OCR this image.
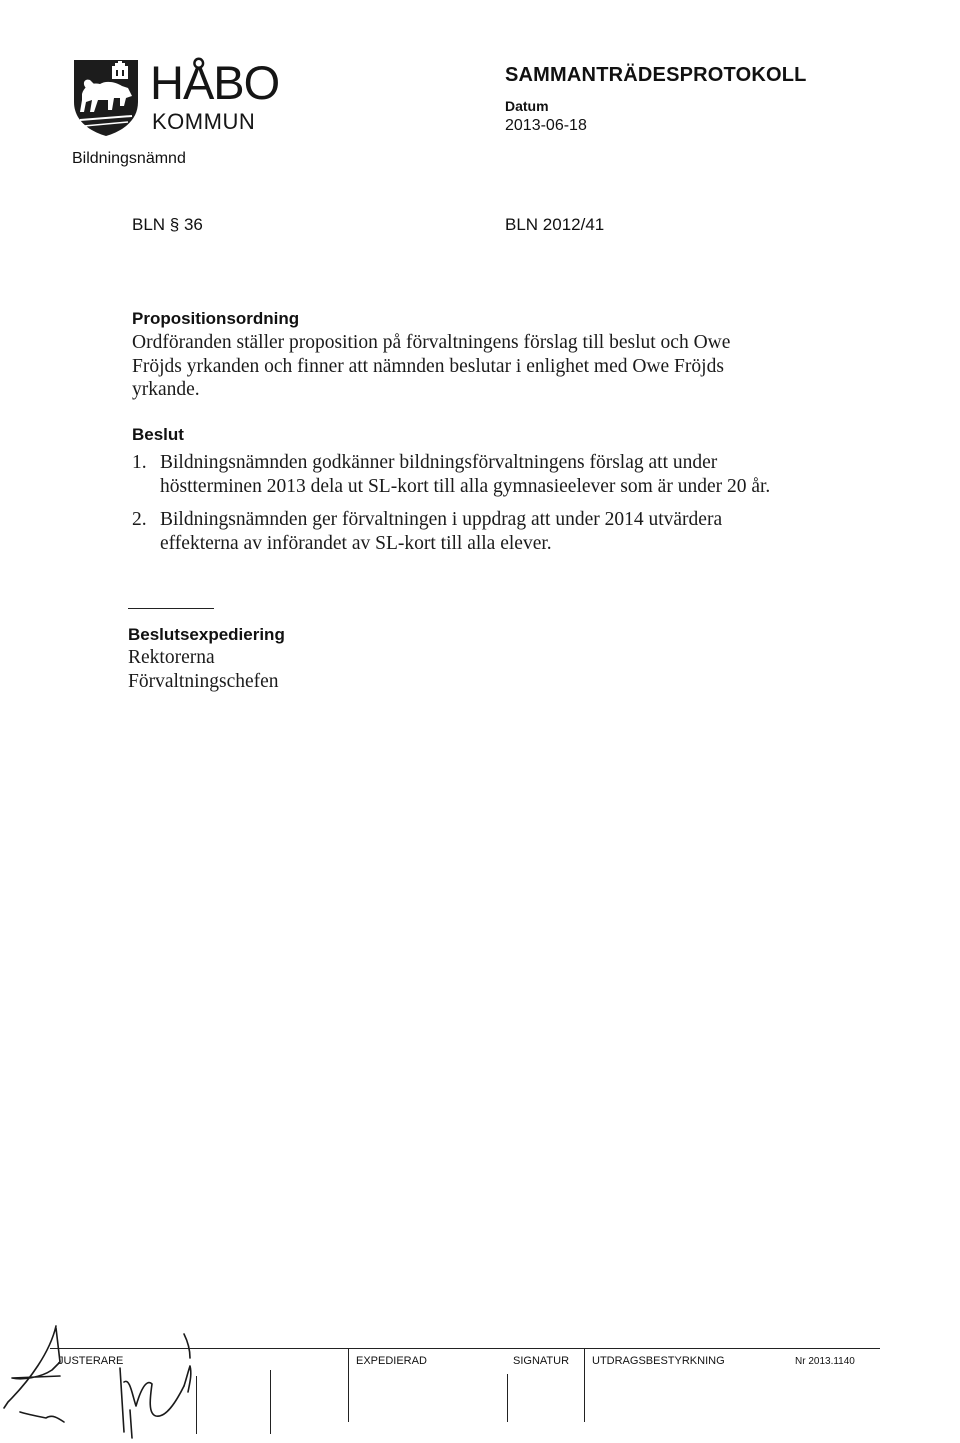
HÅBO
KOMMUN
Bildningsnämnd
SAMMANTRÄDESPROTOKOLL
Datum
2013-06-18
BLN § 36	BLN 2012/41
Propositionsordning
Ordföranden ställer proposition på förvaltningens förslag till beslut och Owe Fröjds yrkanden och finner att nämnden beslutar i enlighet med Owe Fröjds yrkande.
Beslut
1. Bildningsnämnden godkänner bildningsförvaltningens förslag att under höstterminen 2013 dela ut SL-kort till alla gymnasieelever som är under 20 år.
2. Bildningsnämnden ger förvaltningen i uppdrag att under 2014 utvärdera effekterna av införandet av SL-kort till alla elever.
Beslutsexpediering
Rektorerna
Förvaltningschefen
JUSTERARE	EXPEDIERAD	SIGNATUR UTDRAGSBESTYRKNING	Nr 2013.1140
